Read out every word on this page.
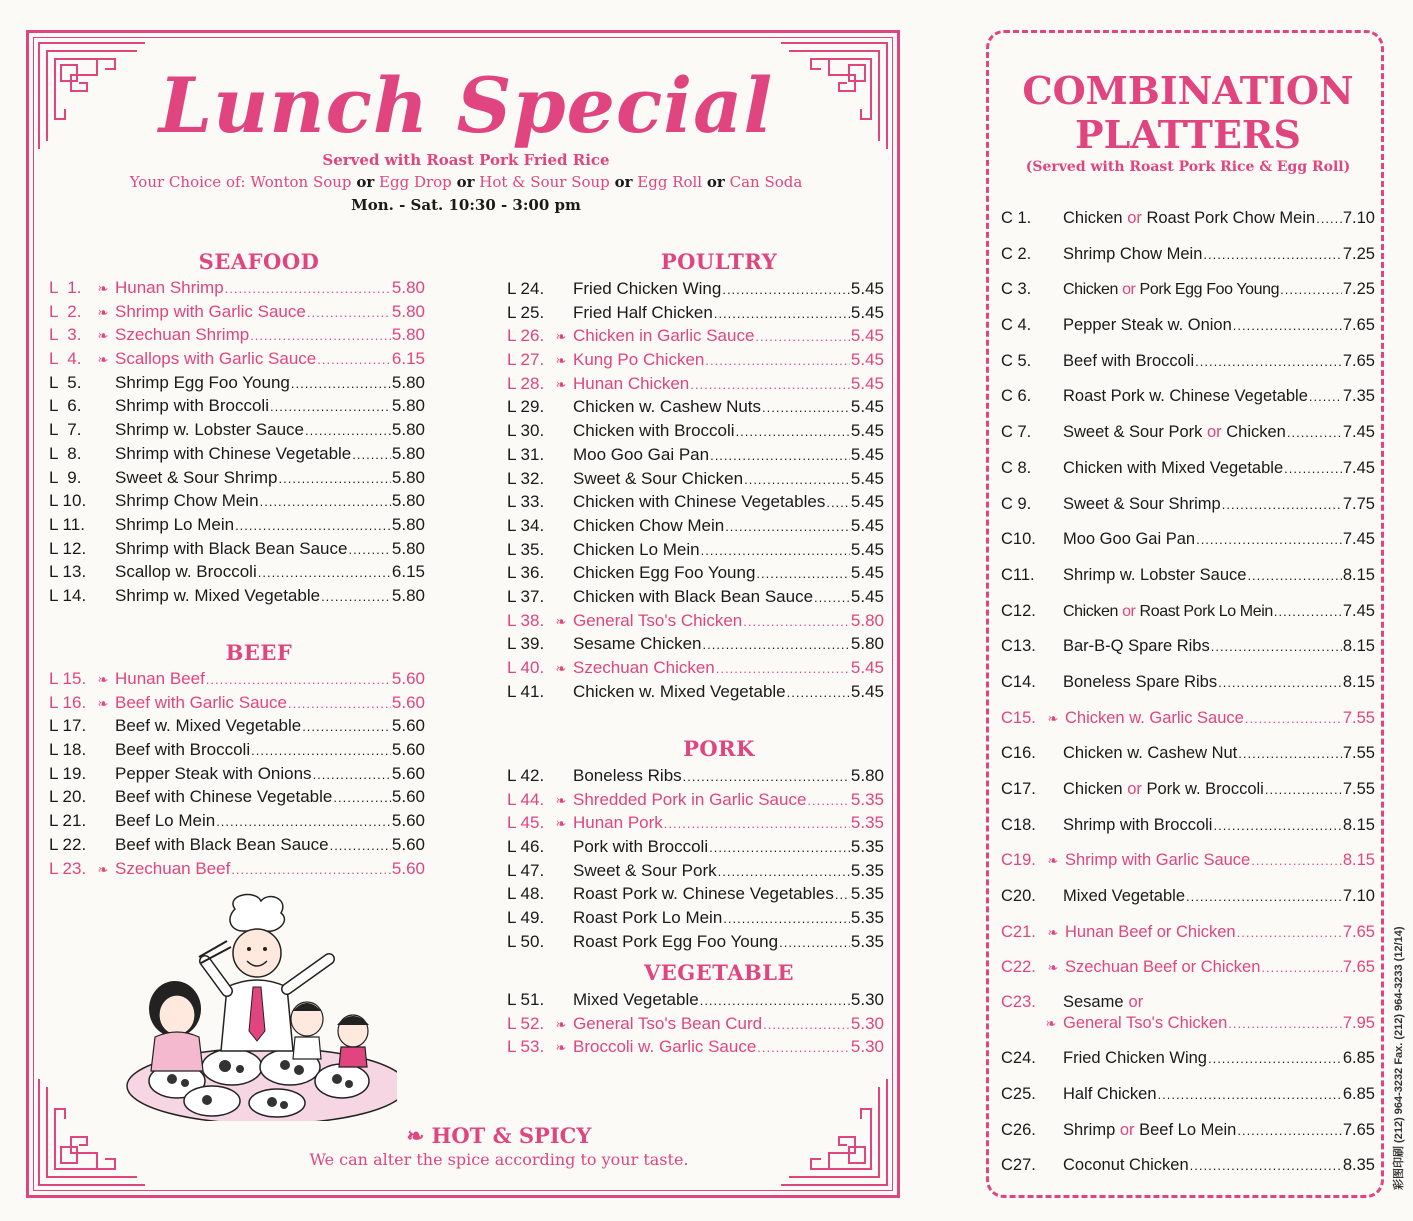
Lunch Special
Served with Roast Pork Fried Rice
Your Choice of: Wonton Soup or Egg Drop or Hot & Sour Soup or Egg Roll or Can Soda
Mon. - Sat. 10:30 - 3:00 pm
SEAFOOD
L  1.	❧ Hunan Shrimp .....	5.80
L  2.	❧ Shrimp with Garlic Sauce .....	5.80
L  3.	❧ Szechuan Shrimp .....	5.80
L  4.	❧ Scallops with Garlic Sauce .....	6.15
L  5.	Shrimp Egg Foo Young .....	5.80
L  6.	Shrimp with Broccoli .....	5.80
L  7.	Shrimp w. Lobster Sauce .....	5.80
L  8.	Shrimp with Chinese Vegetable ..... 5.80
L  9.	Sweet & Sour Shrimp .....	5.80
L 10.	Shrimp Chow Mein .....	5.80
L 11.	Shrimp Lo Mein .....	5.80
L 12.	Shrimp with Black Bean Sauce .....	5.80
L 13.	Scallop w. Broccoli .....	6.15
L 14.	Shrimp w. Mixed Vegetable .....	5.80
BEEF
L 15. ❧ Hunan Beef .....	5.60
L 16. ❧ Beef with Garlic Sauce .....	5.60
L 17.	Beef w. Mixed Vegetable .....	5.60
L 18.	Beef with Broccoli .....	5.60
L 19.	Pepper Steak with Onions .....	5.60
L 20.	Beef with Chinese Vegetable .....	5.60
L 21.	Beef Lo Mein .....	5.60
L 22.	Beef with Black Bean Sauce .....	5.60
L 23. ❧ Szechuan Beef .....	5.60
POULTRY
L 24.	Fried Chicken Wing .....	5.45
L 25.	Fried Half Chicken .....	5.45
L 26. ❧ Chicken in Garlic Sauce .....	5.45
L 27. ❧ Kung Po Chicken .....	5.45
L 28. ❧ Hunan Chicken .....	5.45
L 29.	Chicken w. Cashew Nuts .....	5.45
L 30.	Chicken with Broccoli .....	5.45
L 31.	Moo Goo Gai Pan .....	5.45
L 32.	Sweet & Sour Chicken .....	5.45
L 33.	Chicken with Chinese Vegetables ..... 5.45
L 34.	Chicken Chow Mein .....	5.45
L 35.	Chicken Lo Mein .....	5.45
L 36.	Chicken Egg Foo Young .....	5.45
L 37.	Chicken with Black Bean Sauce ..... 5.45
L 38. ❧ General Tso's Chicken .....	5.80
L 39.	Sesame Chicken .....	5.80
L 40. ❧ Szechuan Chicken .....	5.45
L 41.	Chicken w. Mixed Vegetable .....	5.45
PORK
L 42.	Boneless Ribs .....	5.80
L 44. ❧ Shredded Pork in Garlic Sauce .....	5.35
L 45. ❧ Hunan Pork .....	5.35
L 46.	Pork with Broccoli .....	5.35
L 47.	Sweet & Sour Pork .....	5.35
L 48.	Roast Pork w. Chinese Vegetables ..... 5.35
L 49.	Roast Pork Lo Mein .....	5.35
L 50.	Roast Pork Egg Foo Young .....	5.35
VEGETABLE
L 51.	Mixed Vegetable .....	5.30
L 52. ❧ General Tso's Bean Curd .....	5.30
L 53. ❧ Broccoli w. Garlic Sauce .....	5.30
❧ HOT & SPICY
We can alter the spice according to your taste.
COMBINATION
PLATTERS
(Served with Roast Pork Rice & Egg Roll)
C 1.	Chicken or Roast Pork Chow Mein ..... 7.10
C 2.	Shrimp Chow Mein .....	7.25
C 3.	Chicken or Pork Egg Foo Young .....	7.25
C 4.	Pepper Steak w. Onion .....	7.65
C 5.	Beef with Broccoli .....	7.65
C 6.	Roast Pork w. Chinese Vegetable ..... 7.35
C 7.	Sweet & Sour Pork or Chicken .....	7.45
C 8.	Chicken with Mixed Vegetable .....	7.45
C 9.	Sweet & Sour Shrimp .....	7.75
C10.	Moo Goo Gai Pan .....	7.45
C11.	Shrimp w. Lobster Sauce .....	8.15
C12.	Chicken or Roast Pork Lo Mein .....	7.45
C13.	Bar-B-Q Spare Ribs .....	8.15
C14.	Boneless Spare Ribs .....	8.15
C15. ❧ Chicken w. Garlic Sauce .....	7.55
C16.	Chicken w. Cashew Nut .....	7.55
C17.	Chicken or Pork w. Broccoli .....	7.55
C18.	Shrimp with Broccoli .....	8.15
C19. ❧ Shrimp with Garlic Sauce .....	8.15
C20.	Mixed Vegetable .....	7.10
C21. ❧ Hunan Beef or Chicken .....	7.65
C22. ❧ Szechuan Beef or Chicken .....	7.65
C23.	Sesame or
❧ General Tso's Chicken .....	7.95
C24.	Fried Chicken Wing .....	6.85
C25.	Half Chicken .....	6.85
C26.	Shrimp or Beef Lo Mein .....	7.65
C27.	Coconut Chicken .....	8.35 彩图印刷 (212) 964-3232 Fax. (212) 964-3233 (12/14)
